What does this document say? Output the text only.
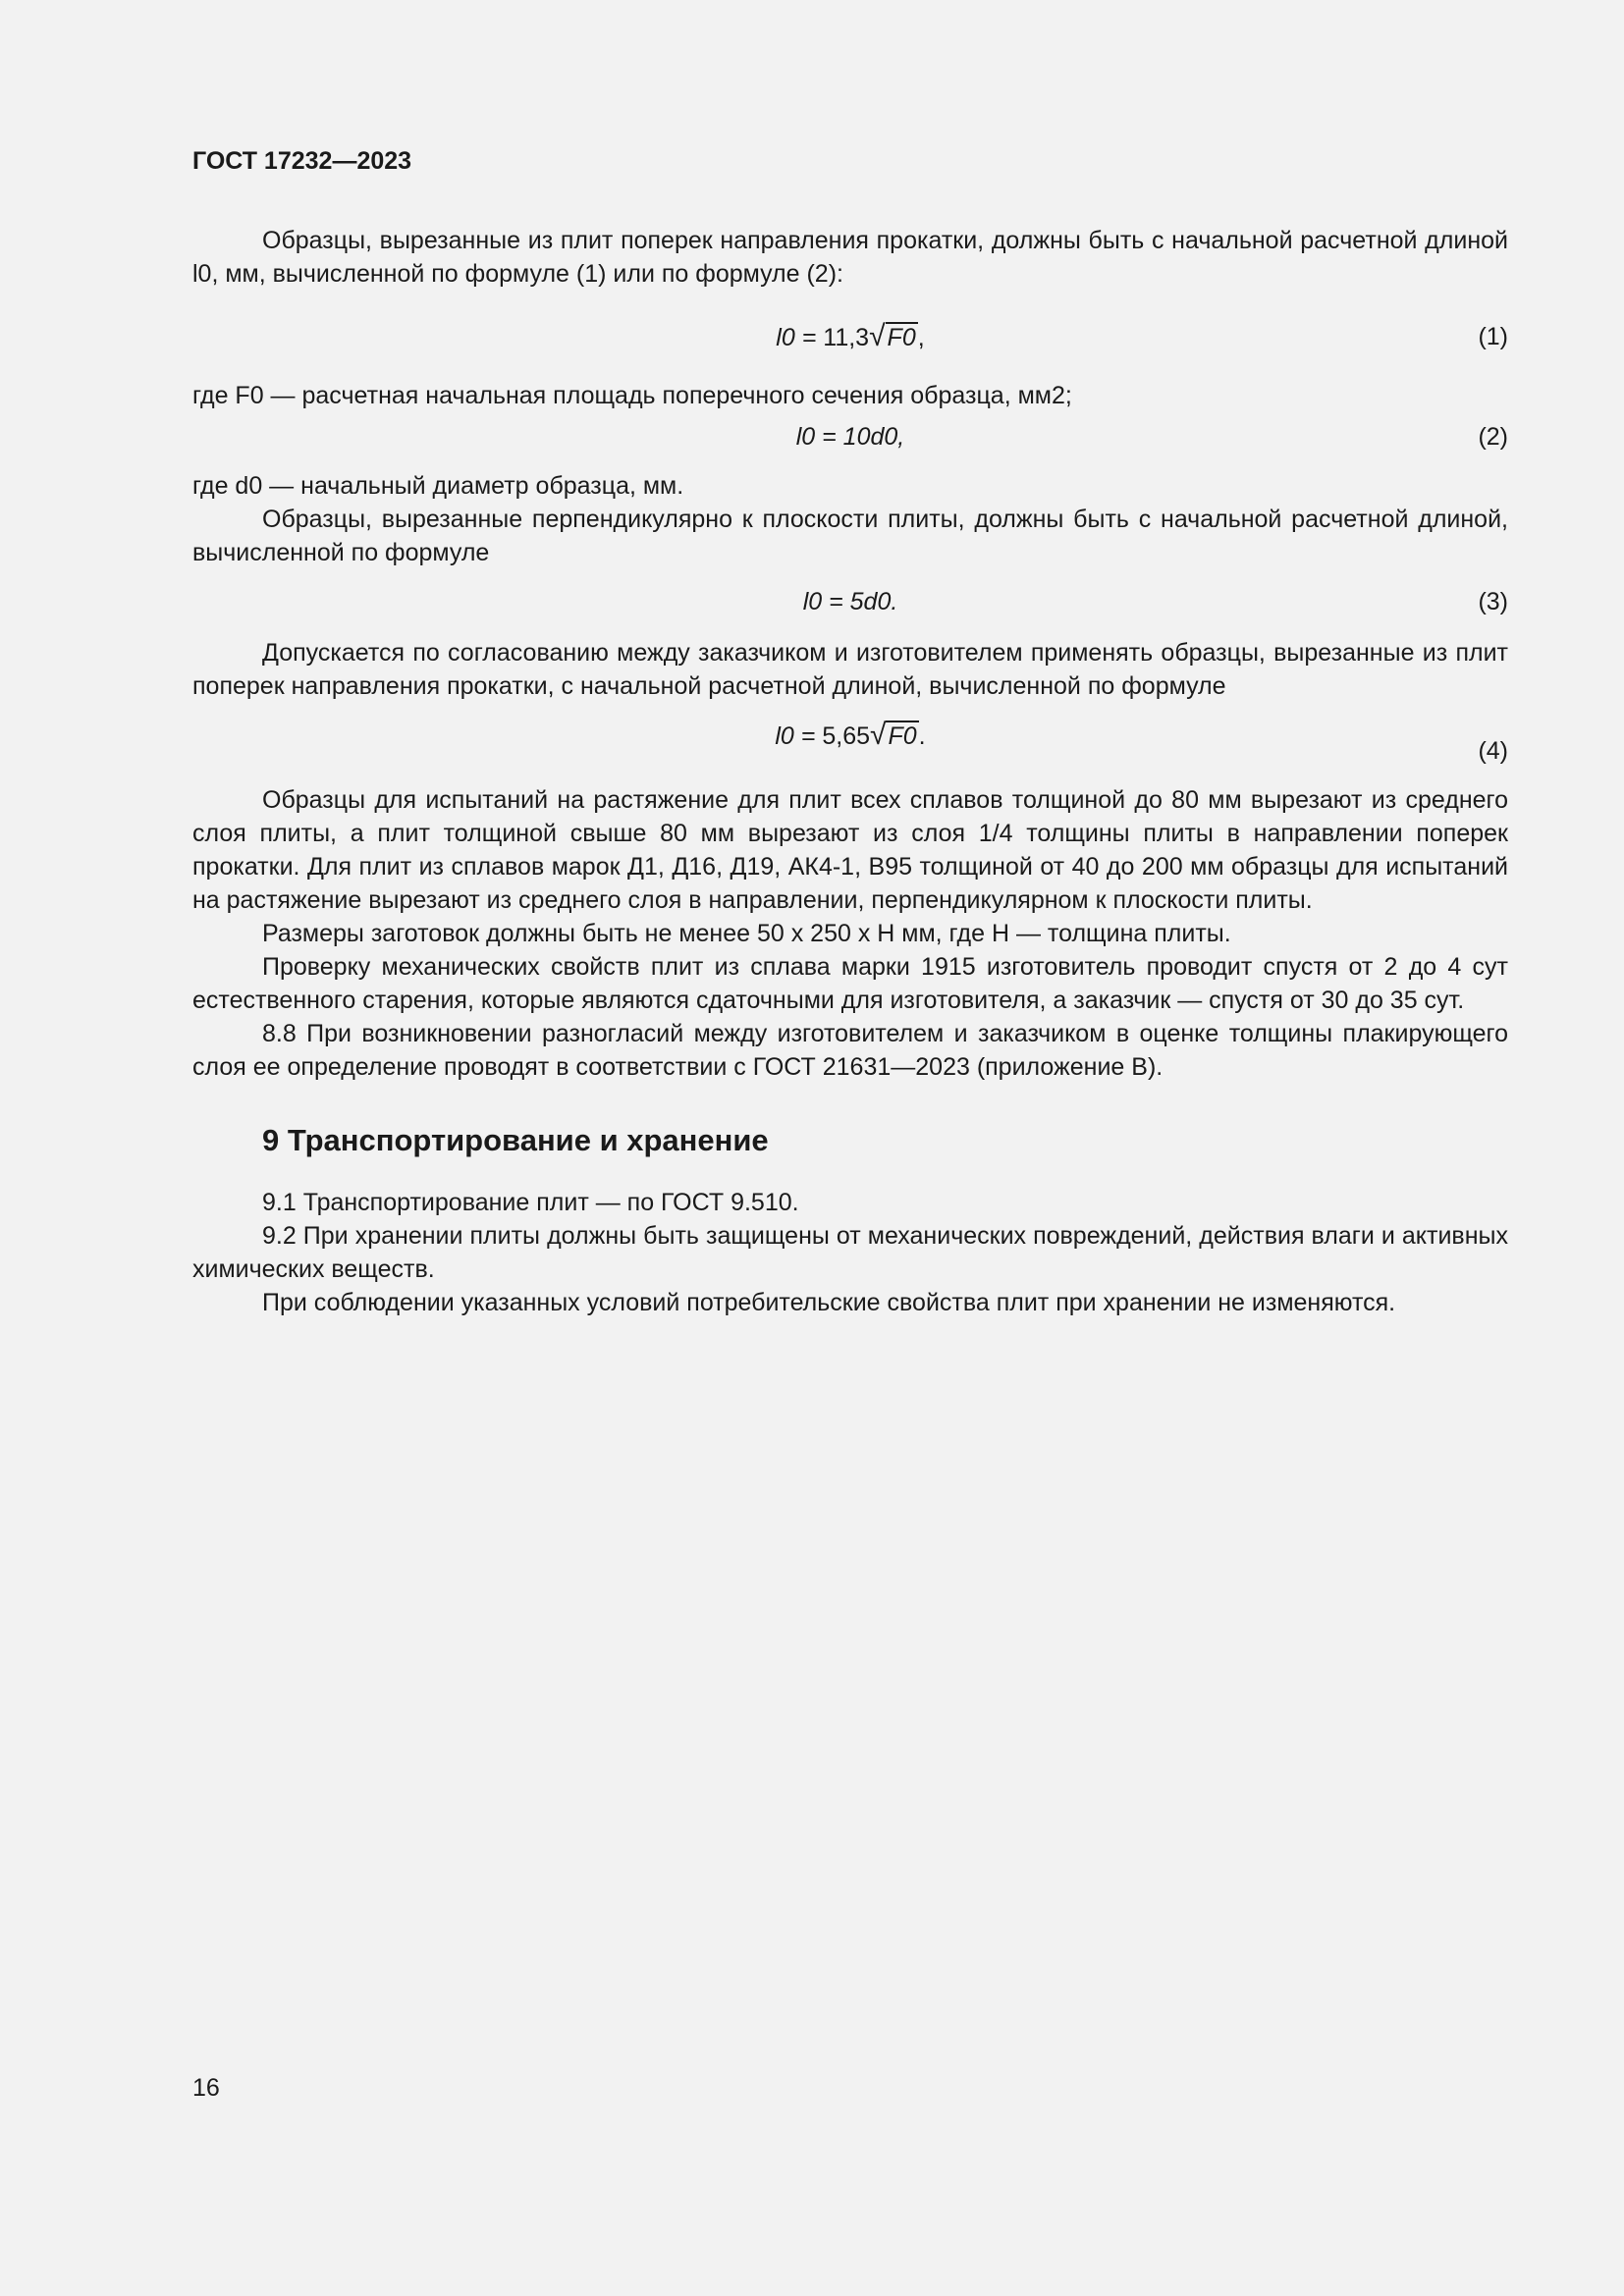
ГОСТ 17232—2023

Образцы, вырезанные из плит поперек направления прокатки, должны быть с начальной расчетной длиной l0, мм, вычисленной по формуле (1) или по формуле (2):

l0 = 11,3√F0,	(1)

где F0 — расчетная начальная площадь поперечного сечения образца, мм2;

l0 = 10d0,	(2)

где d0 — начальный диаметр образца, мм.

Образцы, вырезанные перпендикулярно к плоскости плиты, должны быть с начальной расчетной длиной, вычисленной по формуле

l0 = 5d0.	(3)

Допускается по согласованию между заказчиком и изготовителем применять образцы, вырезанные из плит поперек направления прокатки, с начальной расчетной длиной, вычисленной по формуле

l0 = 5,65√F0.
(4)

Образцы для испытаний на растяжение для плит всех сплавов толщиной до 80 мм вырезают из среднего слоя плиты, а плит толщиной свыше 80 мм вырезают из слоя 1/4 толщины плиты в направлении поперек прокатки. Для плит из сплавов марок Д1, Д16, Д19, АК4-1, В95 толщиной от 40 до 200 мм образцы для испытаний на растяжение вырезают из среднего слоя в направлении, перпендикулярном к плоскости плиты.

Размеры заготовок должны быть не менее 50 х 250 х H мм, где H — толщина плиты.

Проверку механических свойств плит из сплава марки 1915 изготовитель проводит спустя от 2 до 4 сут естественного старения, которые являются сдаточными для изготовителя, а заказчик — спустя от 30 до 35 сут.

8.8 При возникновении разногласий между изготовителем и заказчиком в оценке толщины плакирующего слоя ее определение проводят в соответствии с ГОСТ 21631—2023 (приложение В).

9 Транспортирование и хранение

9.1 Транспортирование плит — по ГОСТ 9.510.

9.2 При хранении плиты должны быть защищены от механических повреждений, действия влаги и активных химических веществ.

При соблюдении указанных условий потребительские свойства плит при хранении не изменяются.

16
